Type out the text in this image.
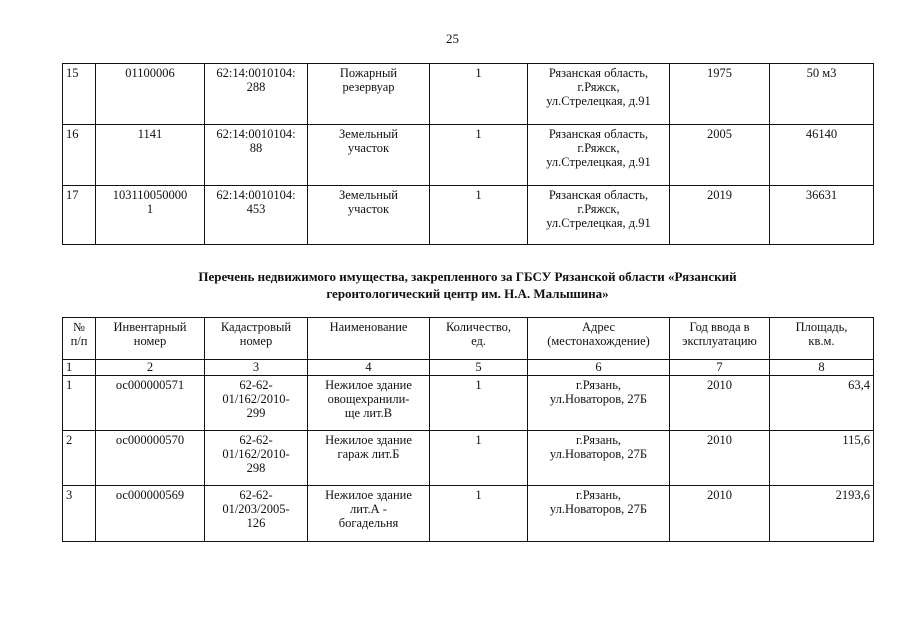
25
15	01100006	62:14:0010104:
288	Пожарный
резервуар	1	Рязанская область,
г.Ряжск,
ул.Стрелецкая, д.91	1975	50 м3
16	1141	62:14:0010104:
88	Земельный
участок	1	Рязанская область,
г.Ряжск,
ул.Стрелецкая, д.91	2005	46140
17	103110050000
1	62:14:0010104:
453	Земельный
участок	1	Рязанская область,
г.Ряжск,
ул.Стрелецкая, д.91	2019	36631
Перечень недвижимого имущества, закрепленного за ГБСУ Рязанской области «Рязанский
геронтологический центр им. Н.А. Малышина»
№
п/п	Инвентарный
номер	Кадастровый
номер	Наименование	Количество,
ед.	Адрес
(местонахождение)	Год ввода в
эксплуатацию	Площадь,
кв.м.

1	2	3	4	5	6	7	8
1	ос000000571	62-62-
01/162/2010-
299	Нежилое здание
овощехранили-
ще лит.В	1	г.Рязань,
ул.Новаторов, 27Б	2010	63,4
2	ос000000570	62-62-
01/162/2010-
298	Нежилое здание
гараж лит.Б	1	г.Рязань,
ул.Новаторов, 27Б	2010	115,6
3	ос000000569	62-62-
01/203/2005-
126	Нежилое здание
лит.А -
богадельня	1	г.Рязань,
ул.Новаторов, 27Б	2010	2193,6
